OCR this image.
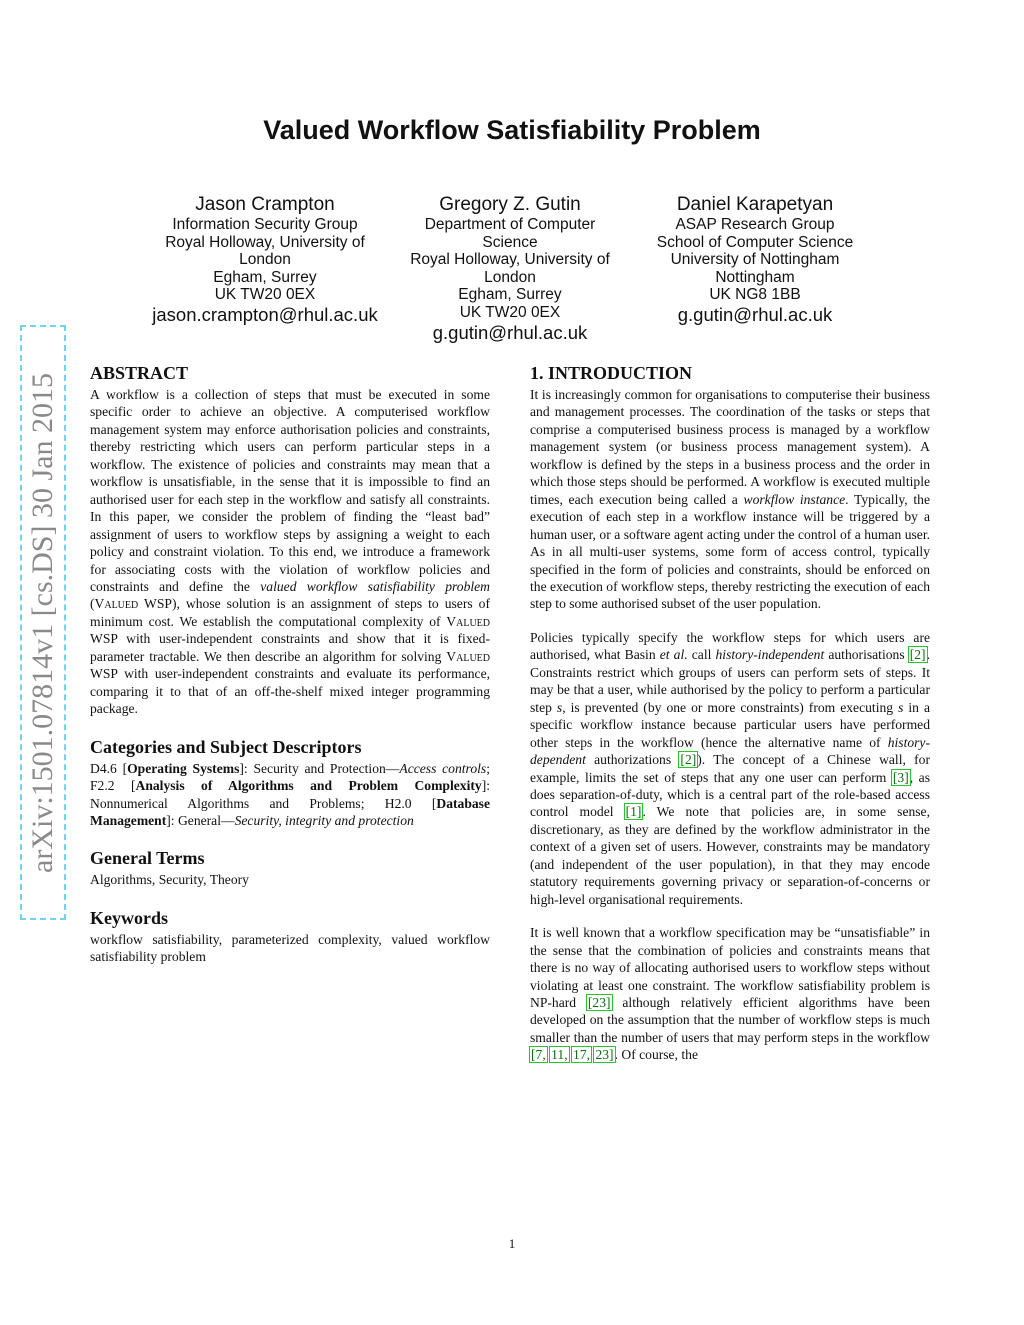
arXiv:1501.07814v1 [cs.DS] 30 Jan 2015
Valued Workflow Satisfiability Problem
Jason Crampton
Information Security Group
Royal Holloway, University of
London
Egham, Surrey
UK TW20 0EX
jason.crampton@rhul.ac.uk
Gregory Z. Gutin
Department of Computer
Science
Royal Holloway, University of
London
Egham, Surrey
UK TW20 0EX
g.gutin@rhul.ac.uk
Daniel Karapetyan
ASAP Research Group
School of Computer Science
University of Nottingham
Nottingham
UK NG8 1BB
g.gutin@rhul.ac.uk
ABSTRACT

A workflow is a collection of steps that must be executed in some specific order to achieve an objective. A computerised workflow management system may enforce authorisation policies and constraints, thereby restricting which users can perform particular steps in a workflow. The existence of policies and constraints may mean that a workflow is unsatisfiable, in the sense that it is impossible to find an authorised user for each step in the workflow and satisfy all constraints. In this paper, we consider the problem of finding the “least bad” assignment of users to workflow steps by assigning a weight to each policy and constraint violation. To this end, we introduce a framework for associating costs with the violation of workflow policies and constraints and define the valued workflow satisfiability problem (Valued WSP), whose solution is an assignment of steps to users of minimum cost. We establish the computational complexity of Valued WSP with user-independent constraints and show that it is fixed-parameter tractable. We then describe an algorithm for solving Valued WSP with user-independent constraints and evaluate its performance, comparing it to that of an off-the-shelf mixed integer programming package.

Categories and Subject Descriptors

D4.6 [Operating Systems]: Security and Protection—Access controls; F2.2 [Analysis of Algorithms and Problem Complexity]: Nonnumerical Algorithms and Problems; H2.0 [Database Management]: General—Security, integrity and protection

General Terms

Algorithms, Security, Theory

Keywords

workflow satisfiability, parameterized complexity, valued workflow satisfiability problem

1. INTRODUCTION

It is increasingly common for organisations to computerise their business and management processes. The coordination of the tasks or steps that comprise a computerised business process is managed by a workflow management system (or business process management system). A workflow is defined by the steps in a business process and the order in which those steps should be performed. A workflow is executed multiple times, each execution being called a workflow instance. Typically, the execution of each step in a workflow instance will be triggered by a human user, or a software agent acting under the control of a human user. As in all multi-user systems, some form of access control, typically specified in the form of policies and constraints, should be enforced on the execution of workflow steps, thereby restricting the execution of each step to some authorised subset of the user population.

Policies typically specify the workflow steps for which users are authorised, what Basin et al. call history-independent authorisations [2]. Constraints restrict which groups of users can perform sets of steps. It may be that a user, while authorised by the policy to perform a particular step s, is prevented (by one or more constraints) from executing s in a specific workflow instance because particular users have performed other steps in the workflow (hence the alternative name of history-dependent authorizations [2]). The concept of a Chinese wall, for example, limits the set of steps that any one user can perform [3], as does separation-of-duty, which is a central part of the role-based access control model [1]. We note that policies are, in some sense, discretionary, as they are defined by the workflow administrator in the context of a given set of users. However, constraints may be mandatory (and independent of the user population), in that they may encode statutory requirements governing privacy or separation-of-concerns or high-level organisational requirements.

It is well known that a workflow specification may be “unsatisfiable” in the sense that the combination of policies and constraints means that there is no way of allocating authorised users to workflow steps without violating at least one constraint. The workflow satisfiability problem is NP-hard [23] although relatively efficient algorithms have been developed on the assumption that the number of workflow steps is much smaller than the number of users that may perform steps in the workflow [7, 11, 17, 23]. Of course, the

1
